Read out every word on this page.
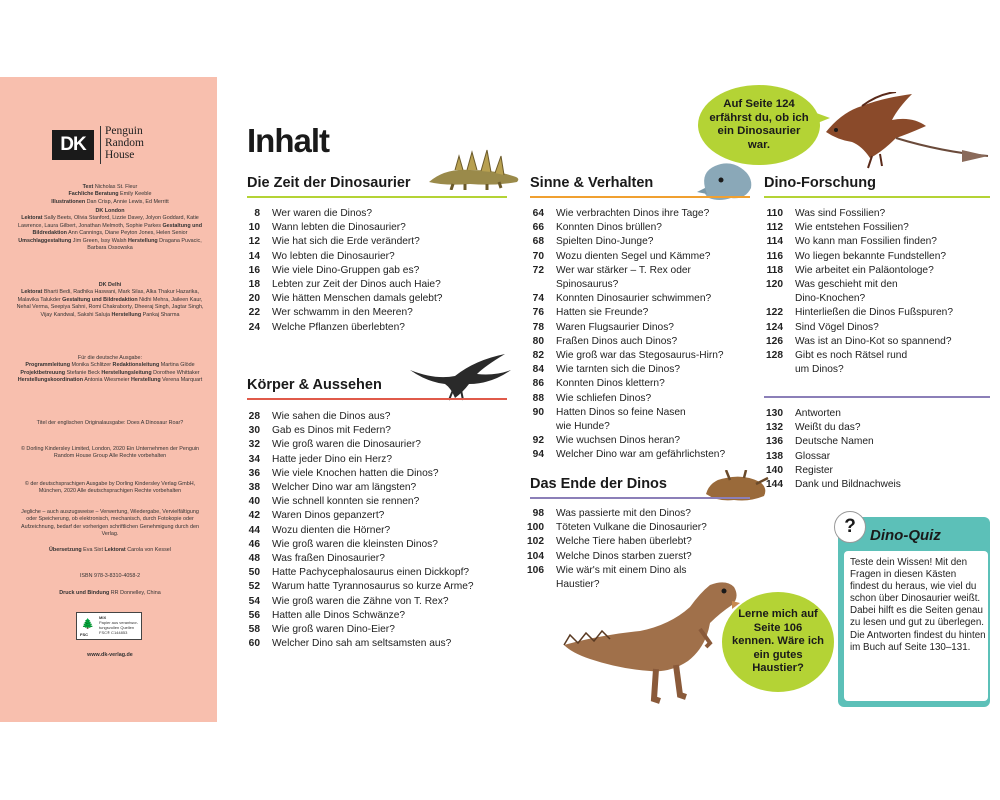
DK
Penguin
Random
House
Text Nicholas St. Fleur
Fachliche Beratung Emily Keeble
Illustrationen Dan Crisp, Annie Lewis, Ed Merritt
DK London
Lektorat Sally Beets, Olivia Stanford, Lizzie Davey, Jolyon Goddard, Katie Lawrence, Laura Gilbert, Jonathan Melmoth, Sophie Parkes Gestaltung und Bildredaktion Ann Cannings, Diane Peyton Jones, Helen Senior Umschlaggestaltung Jim Green, Issy Walsh Herstellung Dragana Puvacic, Barbara Ossowska
DK Delhi
Lektorat Bharti Bedi, Radhika Haswani, Mark Silas, Alka Thakur Hazarika, Malavika Talukder Gestaltung und Bildredaktion Nidhi Mehra, Jaileen Kaur, Nehal Verma, Seepiya Sahni, Romi Chakraborty, Dheeraj Singh, Jagtar Singh, Vijay Kandwal, Sakshi Saluja Herstellung Pankaj Sharma
Für die deutsche Ausgabe:
Programmleitung Monika Schlitzer Redaktionsleitung Martina Glöde Projektbetreuung Stefanie Beck Herstellungsleitung Dorothee Whittaker Herstellungskoordination Antonia Wiesmeier Herstellung Verena Marquart
Titel der englischen Originalausgabe: Does A Dinosaur Roar?
© Dorling Kindersley Limited, London, 2020 Ein Unternehmen der Penguin Random House Group Alle Rechte vorbehalten
© der deutschsprachigen Ausgabe by Dorling Kindersley Verlag GmbH, München, 2020 Alle deutschsprachigen Rechte vorbehalten
Jegliche – auch auszugsweise – Verwertung, Wiedergabe, Vervielfältigung oder Speicherung, ob elektronisch, mechanisch, durch Fotokopie oder Aufzeichnung, bedarf der vorherigen schriftlichen Genehmigung durch den Verlag.
Übersetzung Eva Sixt Lektorat Carola von Kessel
ISBN 978-3-8310-4058-2
Druck und Bindung RR Donnelley, China
🌲
MIX
Papier aus verantwortungsvollen Quellen FSC® C144853
FSC
www.dk-verlag.de
Inhalt
Die Zeit der Dinosaurier
8 Wer waren die Dinos?
10 Wann lebten die Dinosaurier?
12 Wie hat sich die Erde verändert?
14 Wo lebten die Dinosaurier?
16 Wie viele Dino-Gruppen gab es?
18 Lebten zur Zeit der Dinos auch Haie?
20 Wie hätten Menschen damals gelebt?
22 Wer schwamm in den Meeren?
24 Welche Pflanzen überlebten?
Körper & Aussehen
28 Wie sahen die Dinos aus?
30 Gab es Dinos mit Federn?
32 Wie groß waren die Dinosaurier?
34 Hatte jeder Dino ein Herz?
36 Wie viele Knochen hatten die Dinos?
38 Welcher Dino war am längsten?
40 Wie schnell konnten sie rennen?
42 Waren Dinos gepanzert?
44 Wozu dienten die Hörner?
46 Wie groß waren die kleinsten Dinos?
48 Was fraßen Dinosaurier?
50 Hatte Pachycephalosaurus einen Dickkopf?
52 Warum hatte Tyrannosaurus so kurze Arme?
54 Wie groß waren die Zähne von T. Rex?
56 Hatten alle Dinos Schwänze?
58 Wie groß waren Dino-Eier?
60 Welcher Dino sah am seltsamsten aus?
Sinne & Verhalten
64 Wie verbrachten Dinos ihre Tage?
66 Konnten Dinos brüllen?
68 Spielten Dino-Junge?
70 Wozu dienten Segel und Kämme?
72 Wer war stärker – T. Rex oder
Spinosaurus?
74 Konnten Dinosaurier schwimmen?
76 Hatten sie Freunde?
78 Waren Flugsaurier Dinos?
80 Fraßen Dinos auch Dinos?
82 Wie groß war das Stegosaurus-Hirn?
84 Wie tarnten sich die Dinos?
86 Konnten Dinos klettern?
88 Wie schliefen Dinos?
90 Hatten Dinos so feine Nasen
wie Hunde?
92 Wie wuchsen Dinos heran?
94 Welcher Dino war am gefährlichsten?
Das Ende der Dinos
98 Was passierte mit den Dinos?
100 Töteten Vulkane die Dinosaurier?
102 Welche Tiere haben überlebt?
104 Welche Dinos starben zuerst?
106 Wie wär's mit einem Dino als
Haustier?
Dino-Forschung
110 Was sind Fossilien?
112 Wie entstehen Fossilien?
114 Wo kann man Fossilien finden?
116 Wo liegen bekannte Fundstellen?
118 Wie arbeitet ein Paläontologe?
120 Was geschieht mit den
Dino-Knochen?
122 Hinterließen die Dinos Fußspuren?
124 Sind Vögel Dinos?
126 Was ist an Dino-Kot so spannend?
128 Gibt es noch Rätsel rund
um Dinos?
130 Antworten
132 Weißt du das?
136 Deutsche Namen
138 Glossar
140 Register
144 Dank und Bildnachweis
Auf Seite 124 erfährst du, ob ich ein Dinosaurier war.
Lerne mich auf Seite 106 kennen. Wäre ich ein gutes Haustier?
? Dino-Quiz
Teste dein Wissen! Mit den Fragen in diesen Kästen findest du heraus, wie viel du schon über Dinosaurier weißt. Dabei hilft es die Seiten genau zu lesen und gut zu überlegen. Die Antworten findest du hinten im Buch auf Seite 130–131.
